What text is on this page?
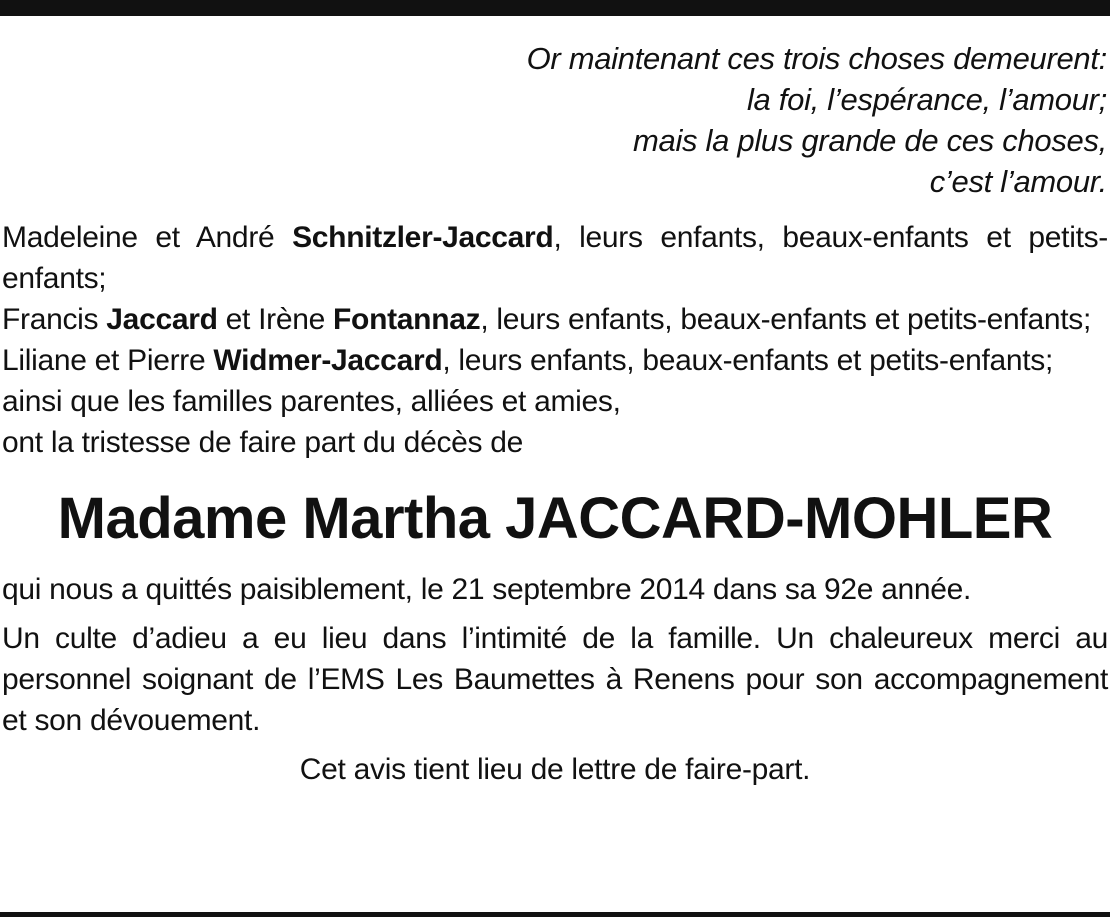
Or maintenant ces trois choses demeurent:
la foi, l’espérance, l’amour;
mais la plus grande de ces choses,
c’est l’amour.

Madeleine et André Schnitzler-Jaccard, leurs enfants, beaux-enfants et petits-enfants;

Francis Jaccard et Irène Fontannaz, leurs enfants, beaux-enfants et petits-enfants;

Liliane et Pierre Widmer-Jaccard, leurs enfants, beaux-enfants et petits-enfants;

ainsi que les familles parentes, alliées et amies,

ont la tristesse de faire part du décès de

Madame Martha JACCARD-MOHLER

qui nous a quittés paisiblement, le 21 septembre 2014 dans sa 92e année.

Un culte d’adieu a eu lieu dans l’intimité de la famille. Un chaleureux merci au personnel soignant de l’EMS Les Baumettes à Renens pour son accompagnement et son dévouement.

Cet avis tient lieu de lettre de faire-part.
